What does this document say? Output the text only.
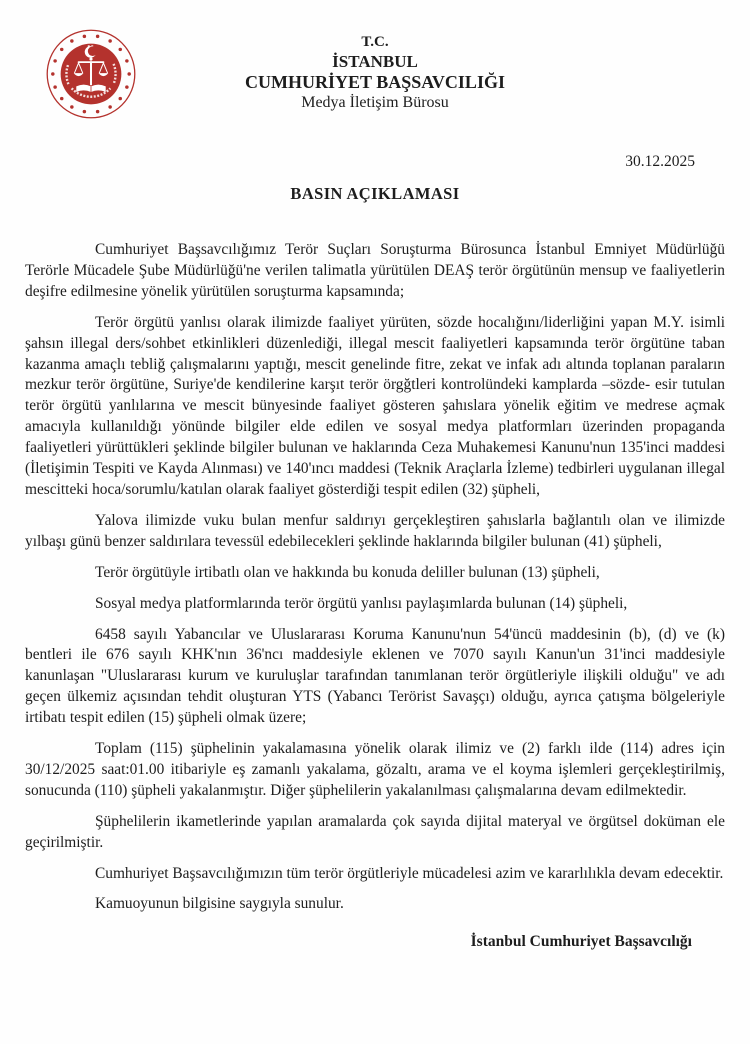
T.C.
İSTANBUL
CUMHURİYET BAŞSAVCILIĞI
Medya İletişim Bürosu
30.12.2025
BASIN AÇIKLAMASI

Cumhuriyet Başsavcılığımız Terör Suçları Soruşturma Bürosunca İstanbul Emniyet Müdürlüğü Terörle Mücadele Şube Müdürlüğü'ne verilen talimatla yürütülen DEAŞ terör örgütünün mensup ve faaliyetlerin deşifre edilmesine yönelik yürütülen soruşturma kapsamında;

Terör örgütü yanlısı olarak ilimizde faaliyet yürüten, sözde hocalığını/liderliğini yapan M.Y. isimli şahsın illegal ders/sohbet etkinlikleri düzenlediği, illegal mescit faaliyetleri kapsamında terör örgütüne taban kazanma amaçlı tebliğ çalışmalarını yaptığı, mescit genelinde fitre, zekat ve infak adı altında toplanan paraların mezkur terör örgütüne, Suriye'de kendilerine karşıt terör örgğtleri kontrolündeki kamplarda –sözde- esir tutulan terör örgütü yanlılarına ve mescit bünyesinde faaliyet gösteren şahıslara yönelik eğitim ve medrese açmak amacıyla kullanıldığı yönünde bilgiler elde edilen ve sosyal medya platformları üzerinden propaganda faaliyetleri yürüttükleri şeklinde bilgiler bulunan ve haklarında Ceza Muhakemesi Kanunu'nun 135'inci maddesi (İletişimin Tespiti ve Kayda Alınması) ve 140'ıncı maddesi (Teknik Araçlarla İzleme) tedbirleri uygulanan illegal mescitteki hoca/sorumlu/katılan olarak faaliyet gösterdiği tespit edilen (32) şüpheli,

Yalova ilimizde vuku bulan menfur saldırıyı gerçekleştiren şahıslarla bağlantılı olan ve ilimizde yılbaşı günü benzer saldırılara tevessül edebilecekleri şeklinde haklarında bilgiler bulunan (41) şüpheli,

Terör örgütüyle irtibatlı olan ve hakkında bu konuda deliller bulunan (13) şüpheli,

Sosyal medya platformlarında terör örgütü yanlısı paylaşımlarda bulunan (14) şüpheli,

6458 sayılı Yabancılar ve Uluslararası Koruma Kanunu'nun 54'üncü maddesinin (b), (d) ve (k) bentleri ile 676 sayılı KHK'nın 36'ncı maddesiyle eklenen ve 7070 sayılı Kanun'un 31'inci maddesiyle kanunlaşan "Uluslararası kurum ve kuruluşlar tarafından tanımlanan terör örgütleriyle ilişkili olduğu" ve adı geçen ülkemiz açısından tehdit oluşturan YTS (Yabancı Terörist Savaşçı) olduğu, ayrıca çatışma bölgeleriyle irtibatı tespit edilen (15) şüpheli olmak üzere;

Toplam (115) şüphelinin yakalamasına yönelik olarak ilimiz ve (2) farklı ilde (114) adres için 30/12/2025 saat:01.00 itibariyle eş zamanlı yakalama, gözaltı, arama ve el koyma işlemleri gerçekleştirilmiş, sonucunda (110) şüpheli yakalanmıştır. Diğer şüphelilerin yakalanılması çalışmalarına devam edilmektedir.

Şüphelilerin ikametlerinde yapılan aramalarda çok sayıda dijital materyal ve örgütsel doküman ele geçirilmiştir.

Cumhuriyet Başsavcılığımızın tüm terör örgütleriyle mücadelesi azim ve kararlılıkla devam edecektir.

Kamuoyunun bilgisine saygıyla sunulur.

İstanbul Cumhuriyet Başsavcılığı
